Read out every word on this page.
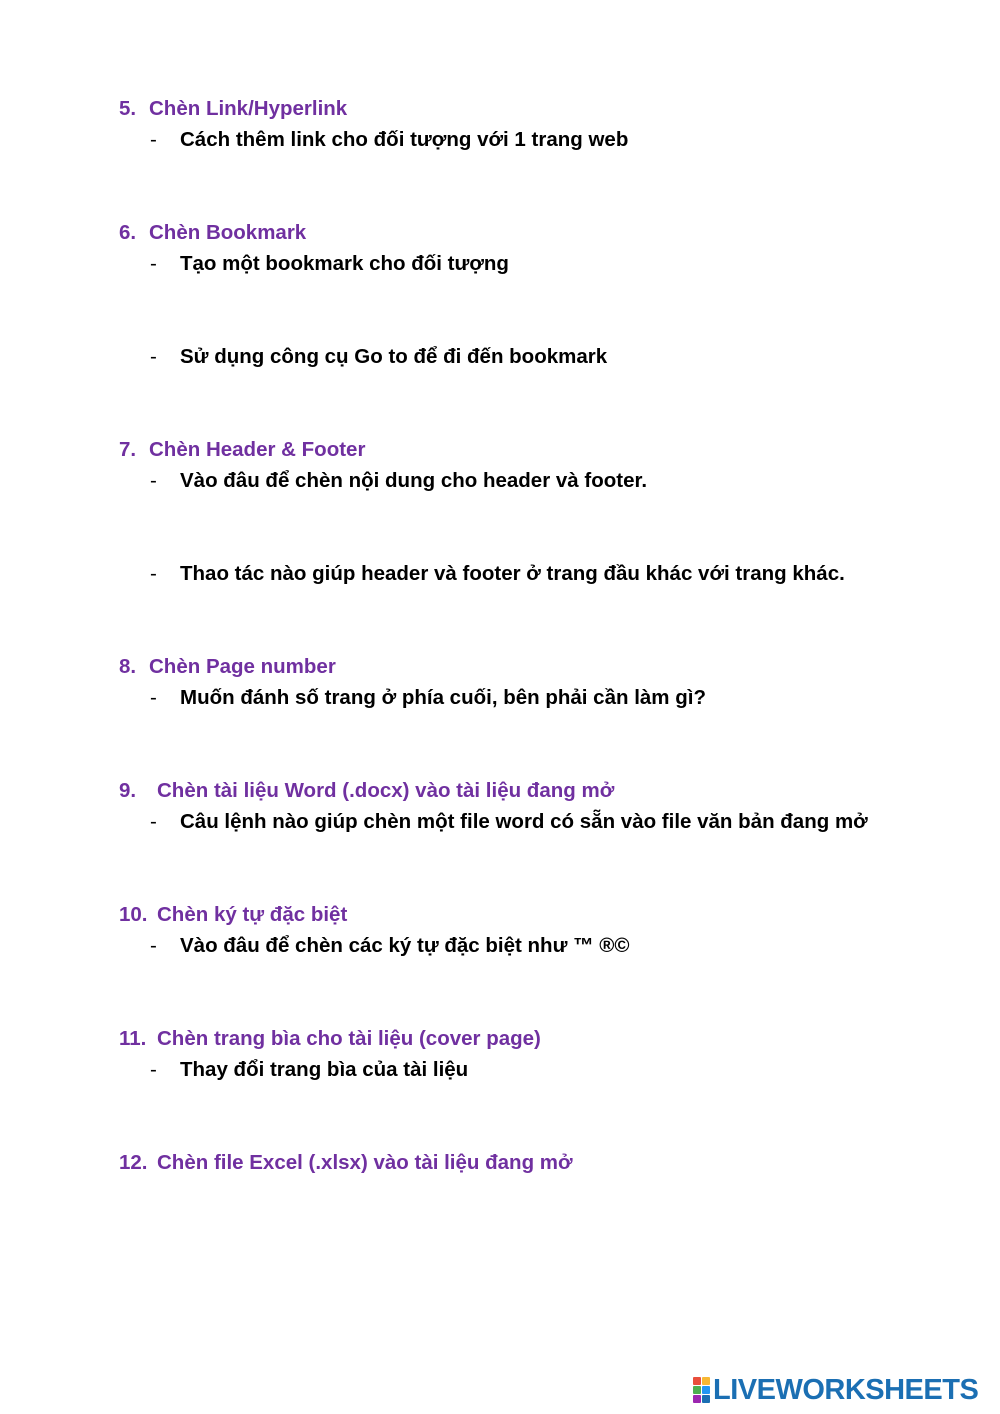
5. Chèn Link/Hyperlink
- Cách thêm link cho đối tượng với 1 trang web
6. Chèn Bookmark
- Tạo một bookmark cho đối tượng
- Sử dụng công cụ Go to để đi đến bookmark
7. Chèn Header & Footer
- Vào đâu để chèn nội dung cho header và footer.
- Thao tác nào giúp header và footer ở trang đầu khác với trang khác.
8. Chèn Page number
- Muốn đánh số trang ở phía cuối, bên phải cần làm gì?
9. Chèn tài liệu Word (.docx) vào tài liệu đang mở
- Câu lệnh nào giúp chèn một file word có sẵn vào file văn bản đang mở
10. Chèn ký tự đặc biệt
- Vào đâu để chèn các ký tự đặc biệt như ™ ®©
11. Chèn trang bìa cho tài liệu (cover page)
- Thay đổi trang bìa của tài liệu
12. Chèn file Excel (.xlsx) vào tài liệu đang mở
LIVEWORKSHEETS
